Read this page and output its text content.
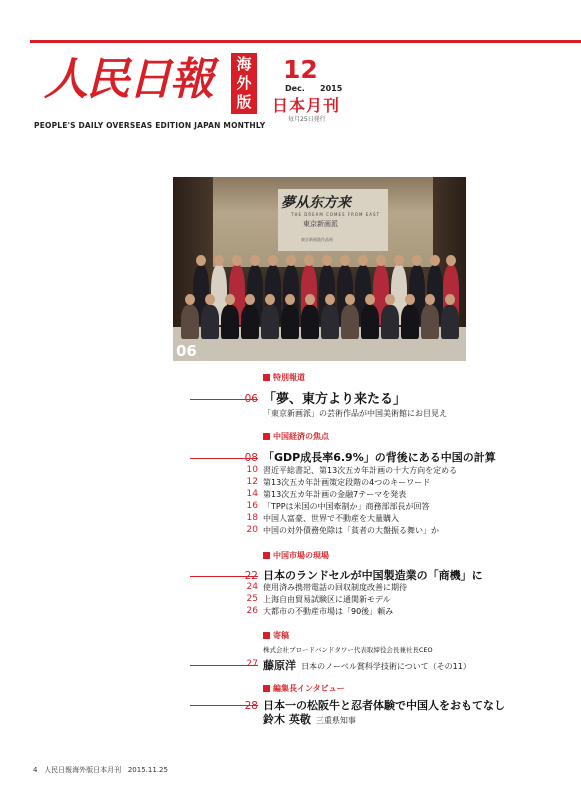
人民日報	海
外
版
12
Dec. 2015
日本月刊
毎月25日発行
PEOPLE'S DAILY OVERSEAS EDITION JAPAN MONTHLY
夢从东方来
THE DREAM COMES FROM EAST
東京新画派
東京新画派作品展
06
特別報道
06 「夢、東方より来たる」
「東京新画派」の芸術作品が中国美術館にお目見え
中国経済の焦点
08 「GDP成長率6.9%」の背後にある中国の計算
10 習近平総書記、第13次五カ年計画の十大方向を定める
12 第13次五カ年計画策定段階の4つのキーワード
14 第13次五カ年計画の金融7テーマを発表
16 「TPPは米国の中国牽制か」商務部部長が回答
18 中国人富豪、世界で不動産を大量購入
20 中国の対外債務免除は「貧者の大盤振る舞い」か
中国市場の現場
22 日本のランドセルが中国製造業の「商機」に
24 使用済み携帯電話の回収制度改善に期待
25 上海自由貿易試験区に通関新モデル
26 大都市の不動産市場は「90後」頼み
寄稿
株式会社ブロードバンドタワー代表取締役会長兼社長CEO
27 藤原洋  日本のノーベル賞科学技術について（その11）
編集長インタビュー
28 日本一の松阪牛と忍者体験で中国人をおもてなし
鈴木 英敬  三重県知事
4 人民日報海外版日本月刊 2015.11.25
